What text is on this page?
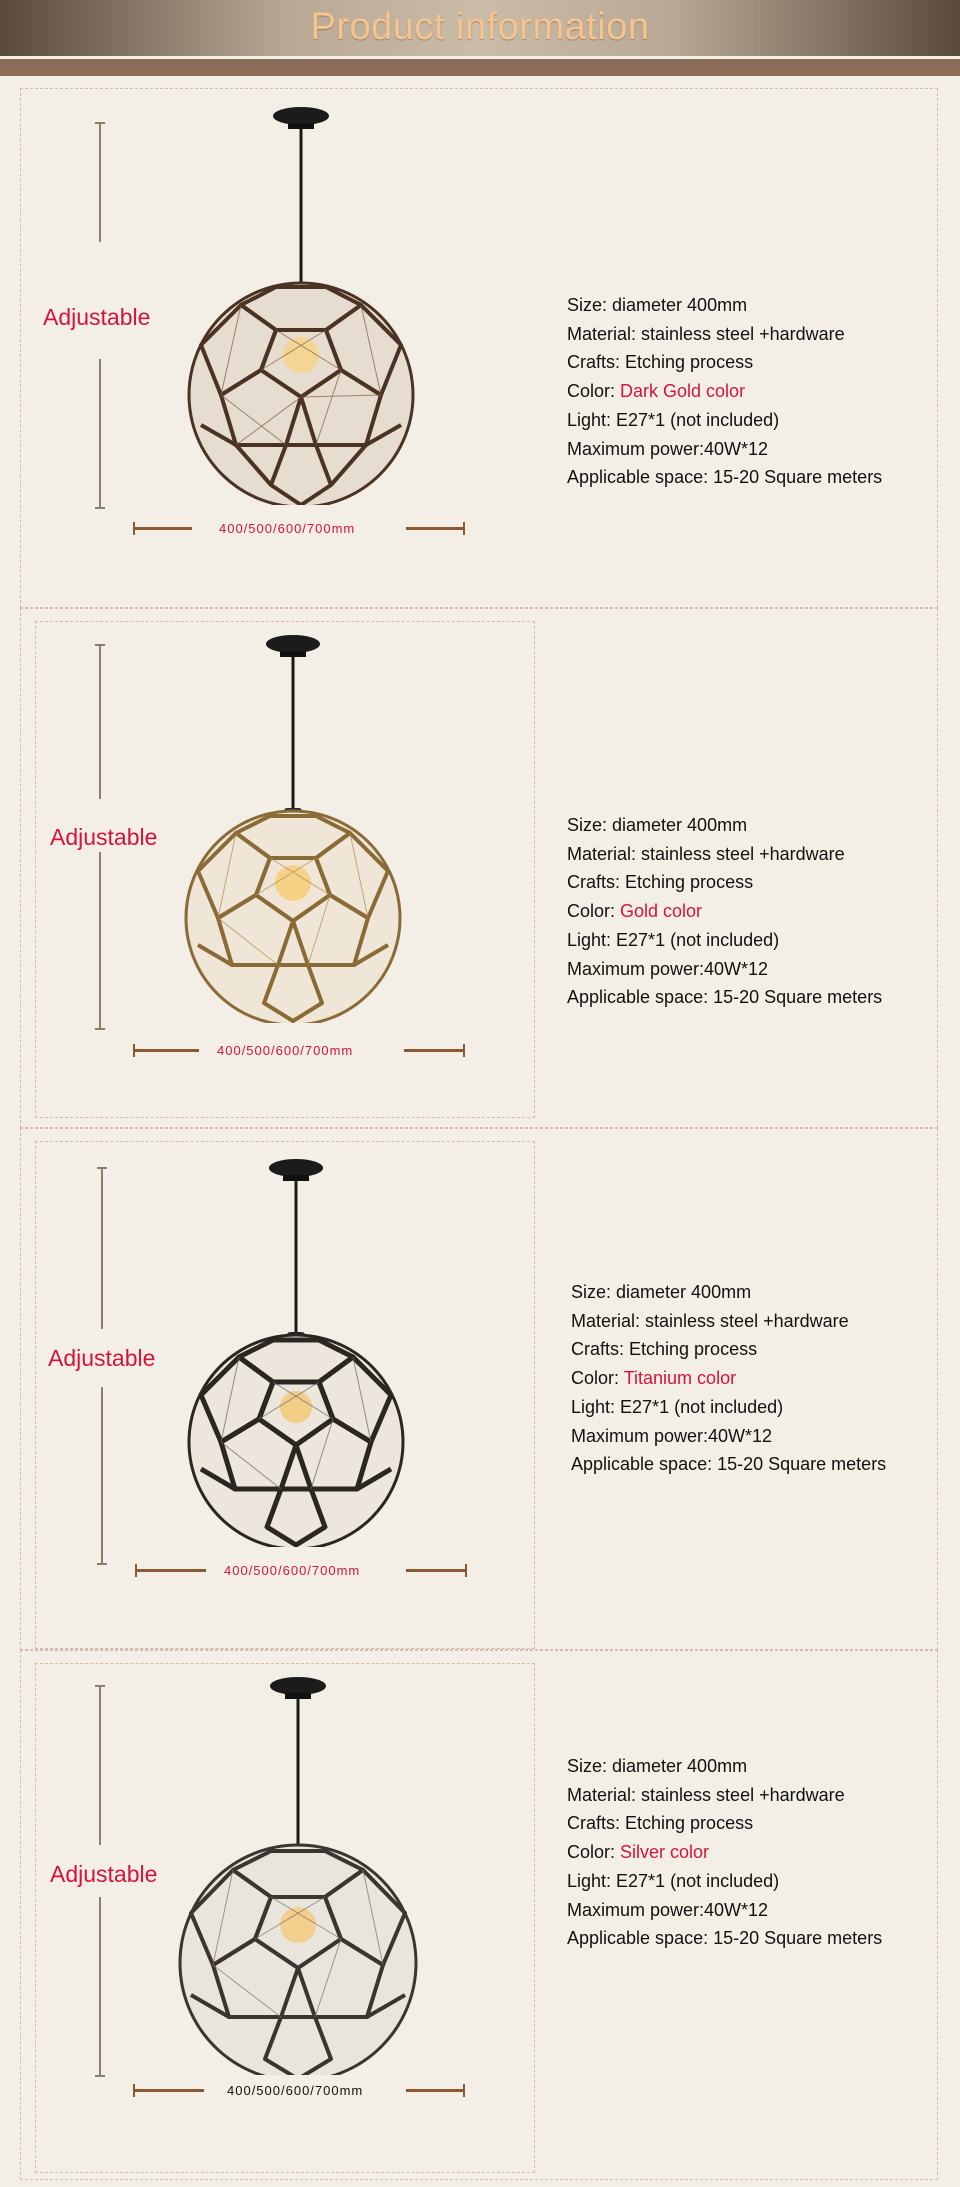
Product information
Adjustable
400/500/600/700mm
Size: diameter 400mm
Material: stainless steel +hardware
Crafts: Etching process
Color: Dark Gold color
Light: E27*1 (not included)
Maximum power:40W*12
Applicable space: 15-20 Square meters
Adjustable
400/500/600/700mm
Size: diameter 400mm
Material: stainless steel +hardware
Crafts: Etching process
Color: Gold color
Light: E27*1 (not included)
Maximum power:40W*12
Applicable space: 15-20 Square meters
Adjustable
400/500/600/700mm
Size: diameter 400mm
Material: stainless steel +hardware
Crafts: Etching process
Color: Titanium color
Light: E27*1 (not included)
Maximum power:40W*12
Applicable space: 15-20 Square meters
Adjustable
400/500/600/700mm
Size: diameter 400mm
Material: stainless steel +hardware
Crafts: Etching process
Color: Silver color
Light: E27*1 (not included)
Maximum power:40W*12
Applicable space: 15-20 Square meters
